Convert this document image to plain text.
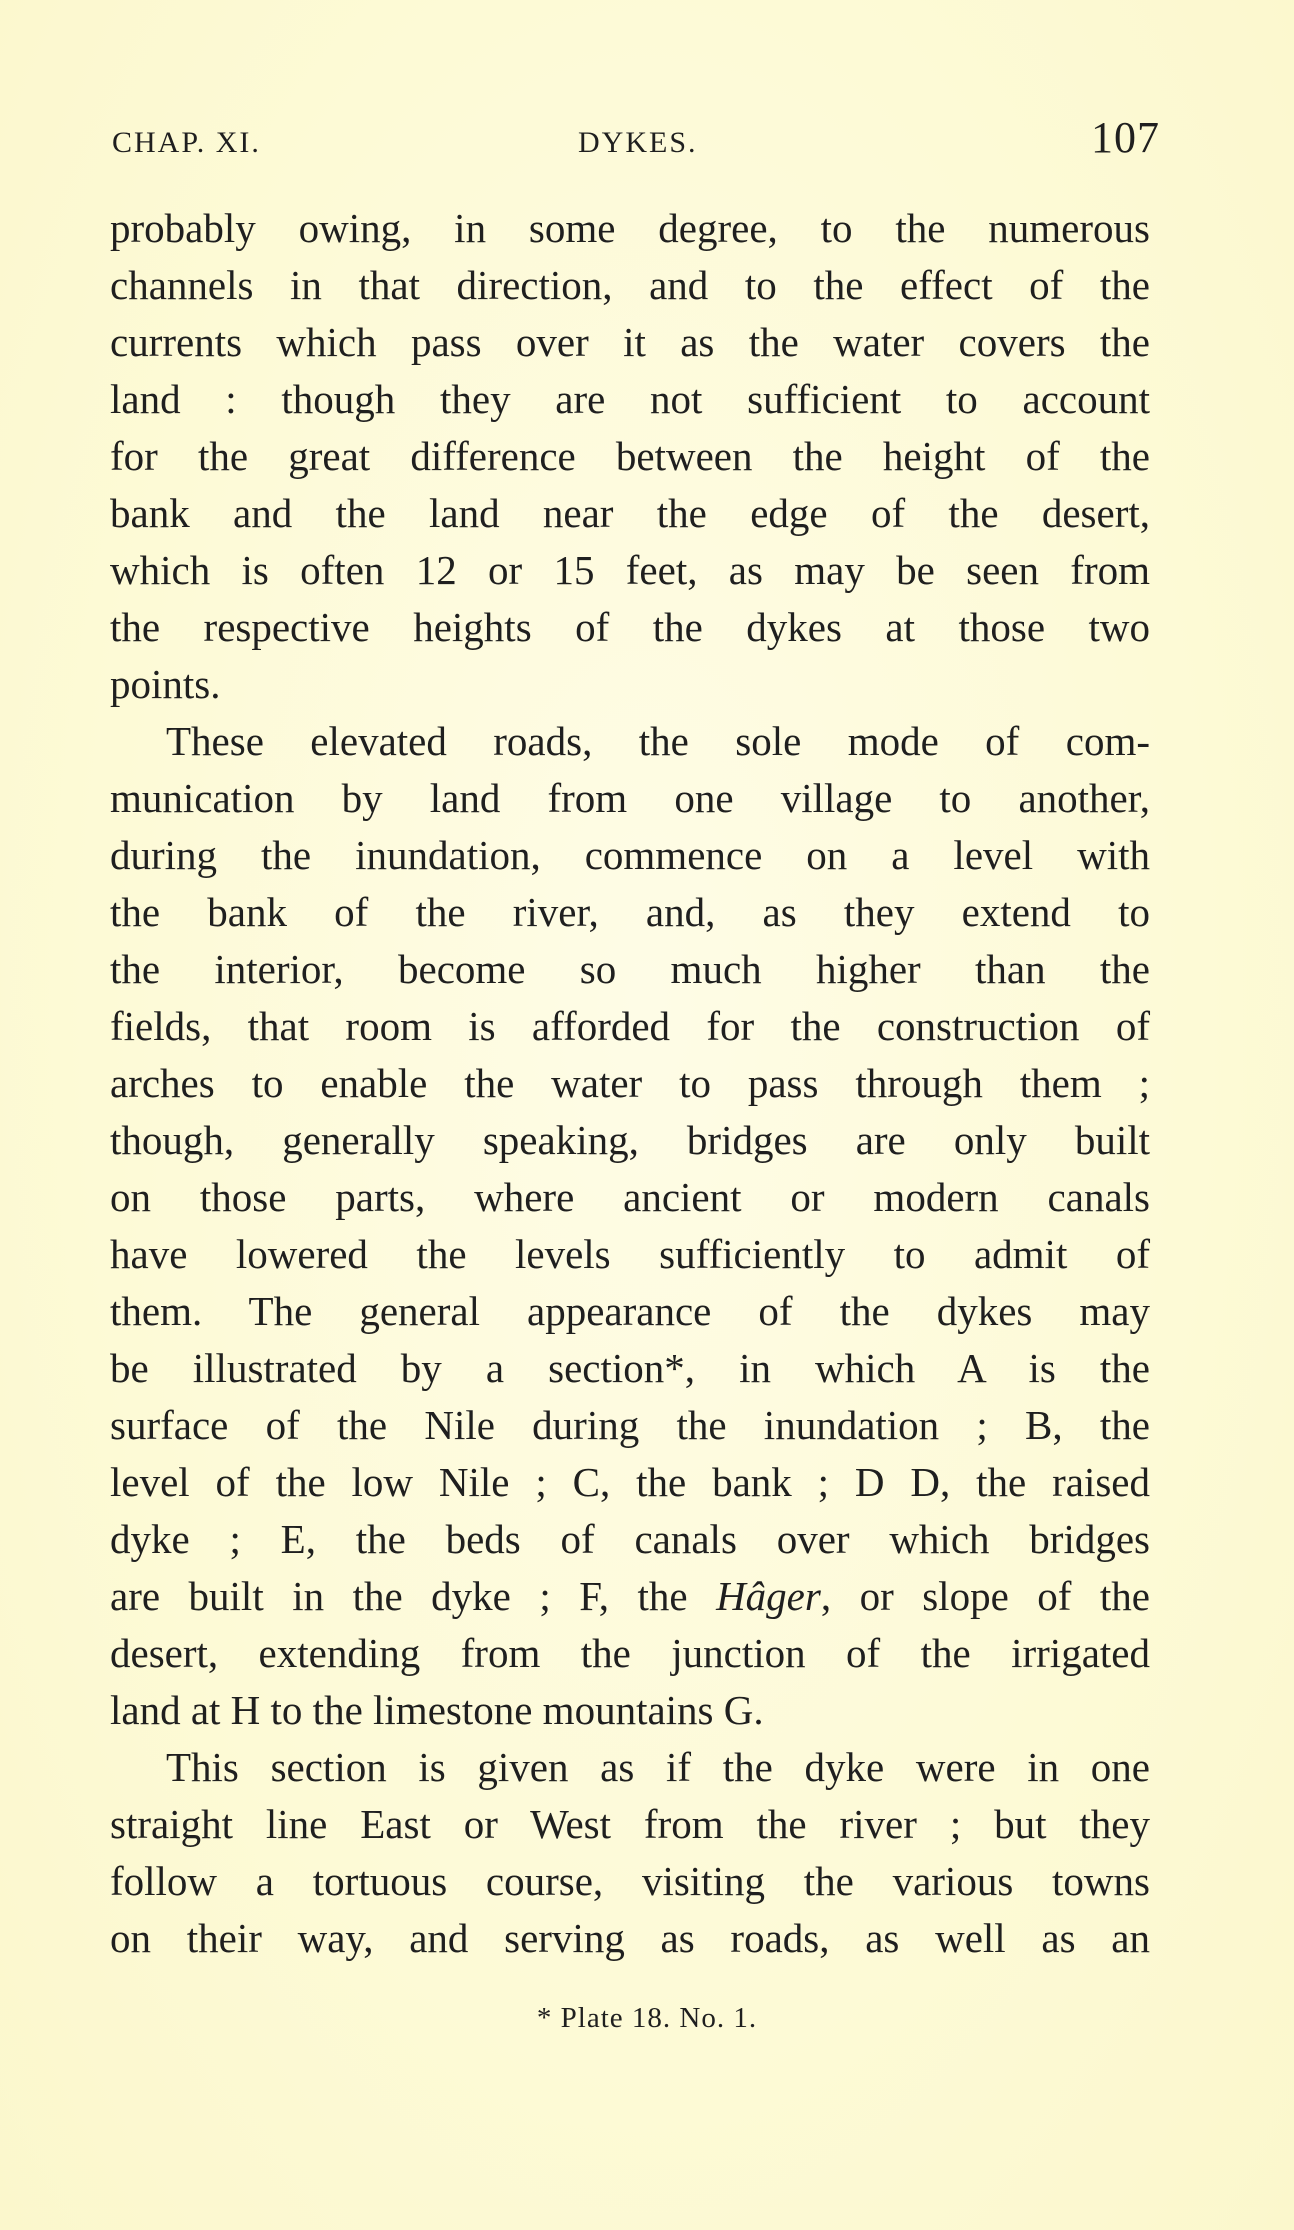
CHAP. XI.	DYKES.	107
probably owing, in some degree, to the numerous
channels in that direction, and to the effect of the
currents which pass over it as the water covers the
land : though they are not sufficient to account
for the great difference between the height of the
bank and the land near the edge of the desert,
which is often 12 or 15 feet, as may be seen from
the respective heights of the dykes at those two
points.
These elevated roads, the sole mode of com-
munication by land from one village to another,
during the inundation, commence on a level with
the bank of the river, and, as they extend to
the interior, become so much higher than the
fields, that room is afforded for the construction of
arches to enable the water to pass through them ;
though, generally speaking, bridges are only built
on those parts, where ancient or modern canals
have lowered the levels sufficiently to admit of
them. The general appearance of the dykes may
be illustrated by a section*, in which A is the
surface of the Nile during the inundation ; B, the
level of the low Nile ; C, the bank ; D D, the raised
dyke ; E, the beds of canals over which bridges
are built in the dyke ; F, the Hâger, or slope of the
desert, extending from the junction of the irrigated
land at H to the limestone mountains G.
This section is given as if the dyke were in one
straight line East or West from the river ; but they
follow a tortuous course, visiting the various towns
on their way, and serving as roads, as well as an
* Plate 18. No. 1.
